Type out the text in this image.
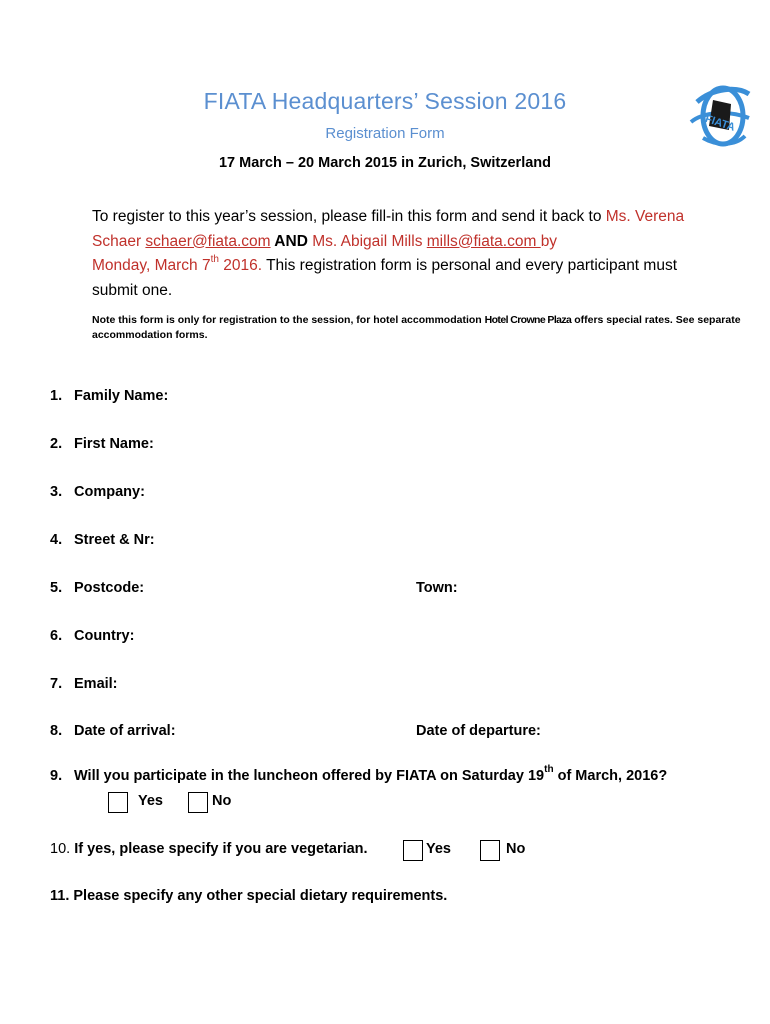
FIATA Headquarters’ Session 2016
Registration Form
17 March – 20 March 2015 in Zurich, Switzerland
FIATA
To register to this year’s session, please fill-in this form and send it back to Ms. Verena Schaer schaer@fiata.com AND Ms. Abigail Mills mills@fiata.com by
Monday, March 7th 2016. This registration form is personal and every participant must submit one.
Note this form is only for registration to the session, for hotel accommodation Hotel Crowne Plaza offers special rates. See separate accommodation forms.
1. Family Name:
2. First Name:
3. Company:
4. Street & Nr:
5. Postcode:	Town:
6. Country:
7. Email:
8. Date of arrival:	Date of departure:
9. Will you participate in the luncheon offered by FIATA on Saturday 19th of March, 2016?
Yes	No
10. If yes, please specify if you are vegetarian.	Yes	No
11. Please specify any other special dietary requirements.
